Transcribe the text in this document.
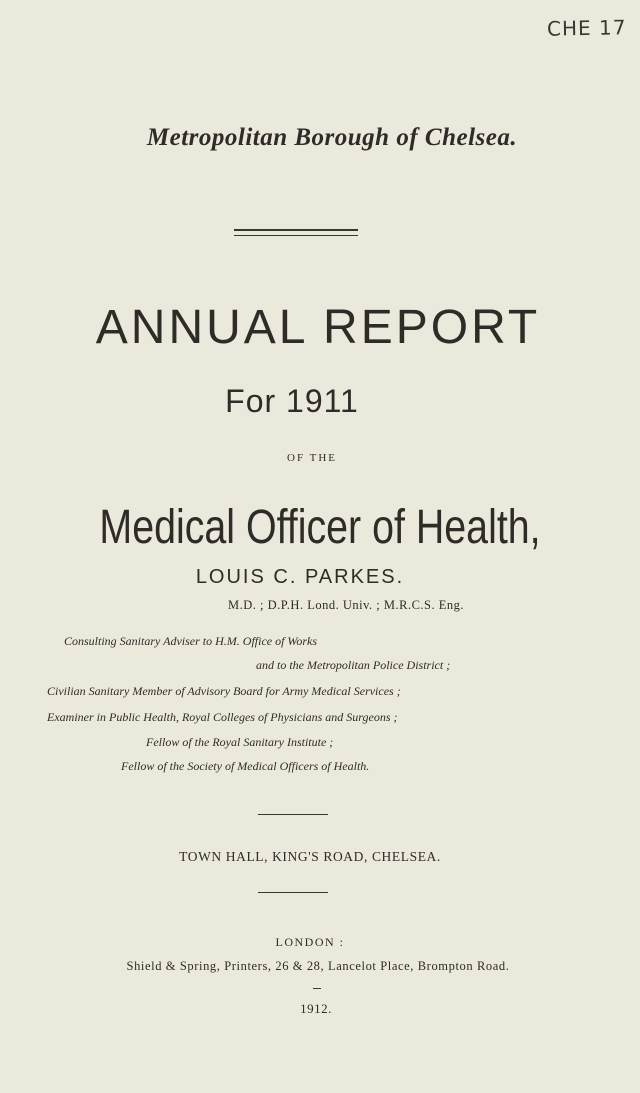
CHE 17
Metropolitan Borough of Chelsea.
ANNUAL REPORT
For 1911
OF THE
Medical Officer of Health,
LOUIS C. PARKES.
M.D. ; D.P.H. Lond. Univ. ; M.R.C.S. Eng.
Consulting Sanitary Adviser to H.M. Office of Works
and to the Metropolitan Police District ;
Civilian Sanitary Member of Advisory Board for Army Medical Services ;
Examiner in Public Health, Royal Colleges of Physicians and Surgeons ;
Fellow of the Royal Sanitary Institute ;
Fellow of the Society of Medical Officers of Health.
TOWN HALL, KING'S ROAD, CHELSEA.
LONDON :
Shield & Spring, Printers, 26 & 28, Lancelot Place, Brompton Road.
1912.
